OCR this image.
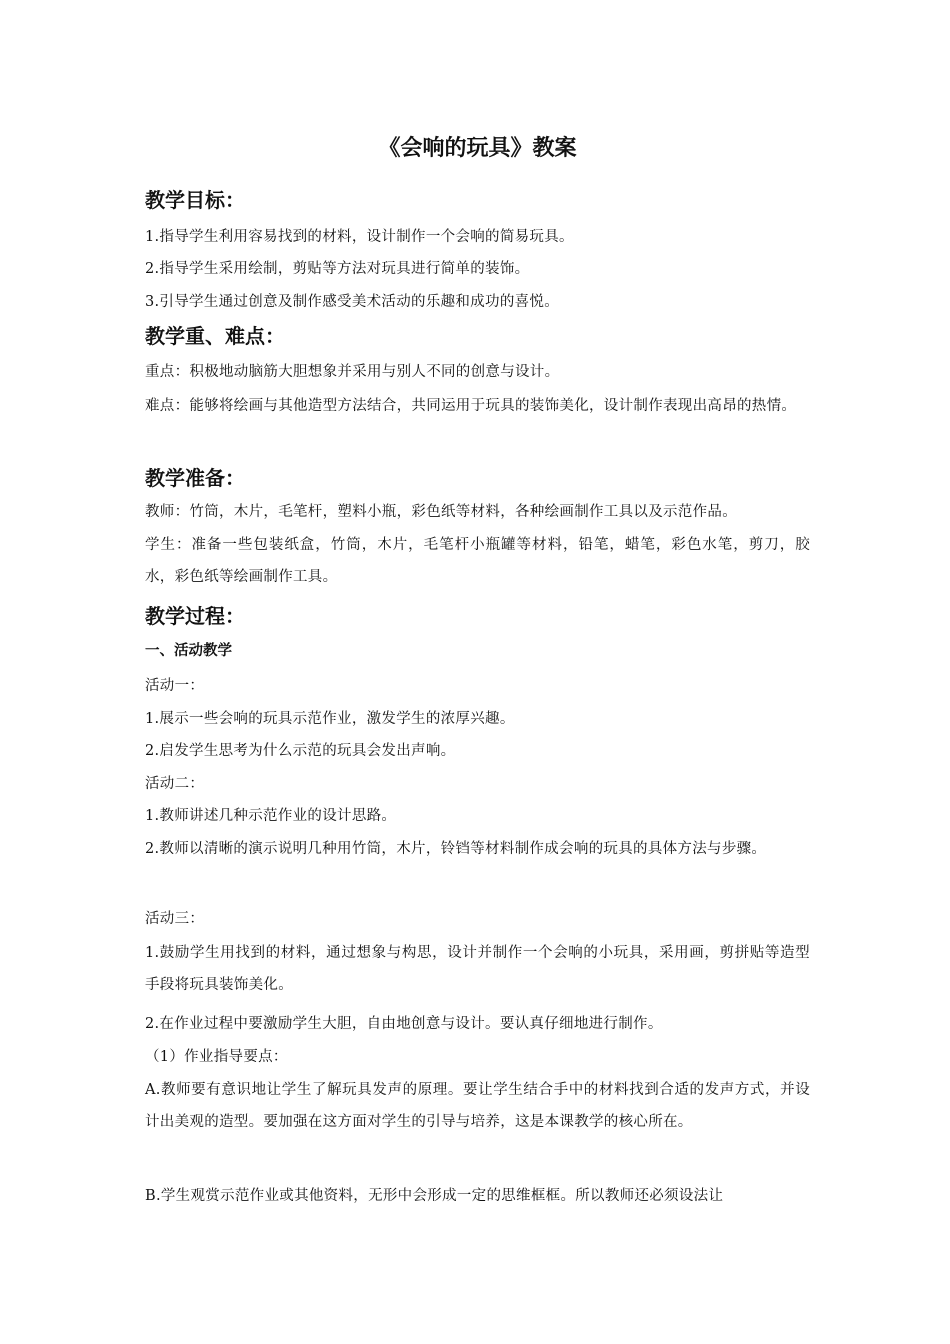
《会响的玩具》教案
教学目标：

1.指导学生利用容易找到的材料，设计制作一个会响的简易玩具。

2.指导学生采用绘制，剪贴等方法对玩具进行简单的装饰。

3.引导学生通过创意及制作感受美术活动的乐趣和成功的喜悦。

教学重、难点：

重点：积极地动脑筋大胆想象并采用与别人不同的创意与设计。

难点：能够将绘画与其他造型方法结合，共同运用于玩具的装饰美化，设计制作表现出高昂的热情。

教学准备：

教师：竹筒，木片，毛笔杆，塑料小瓶，彩色纸等材料，各种绘画制作工具以及示范作品。

学生：准备一些包装纸盒，竹筒，木片，毛笔杆小瓶罐等材料，铅笔，蜡笔，彩色水笔，剪刀，胶水，彩色纸等绘画制作工具。

教学过程：
一、活动教学

活动一：

1.展示一些会响的玩具示范作业，激发学生的浓厚兴趣。

2.启发学生思考为什么示范的玩具会发出声响。

活动二：

1.教师讲述几种示范作业的设计思路。

2.教师以清晰的演示说明几种用竹筒，木片，铃铛等材料制作成会响的玩具的具体方法与步骤。

活动三：

1.鼓励学生用找到的材料，通过想象与构思，设计并制作一个会响的小玩具，采用画，剪拼贴等造型手段将玩具装饰美化。

2.在作业过程中要激励学生大胆，自由地创意与设计。要认真仔细地进行制作。

（1）作业指导要点：

A.教师要有意识地让学生了解玩具发声的原理。要让学生结合手中的材料找到合适的发声方式，并设计出美观的造型。要加强在这方面对学生的引导与培养，这是本课教学的核心所在。

B.学生观赏示范作业或其他资料，无形中会形成一定的思维框框。所以教师还必须设法让
